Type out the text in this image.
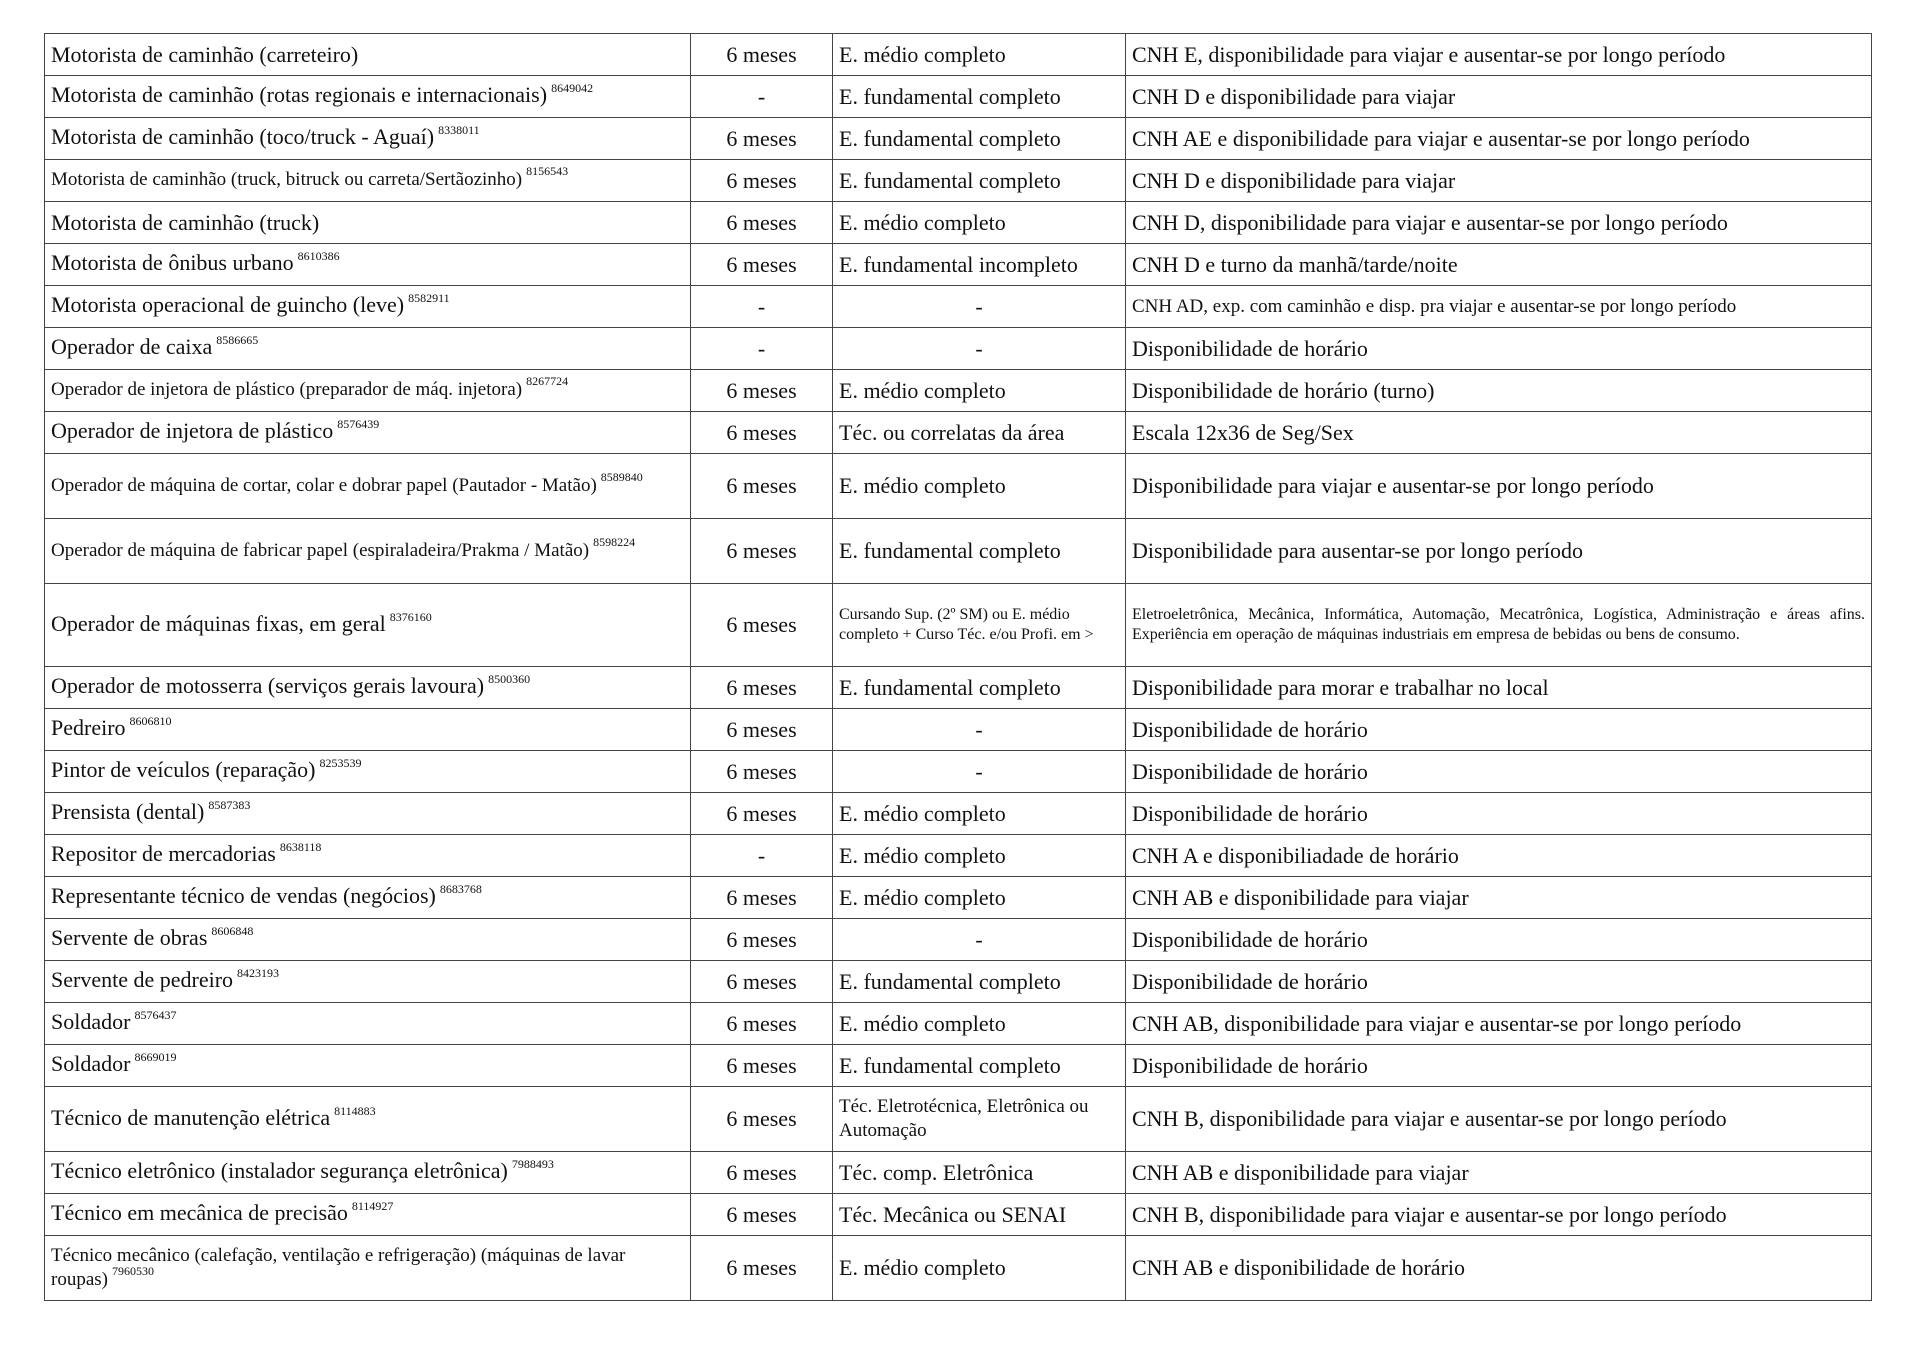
Motorista de caminhão (carreteiro)	6 meses	E. médio completo	CNH E, disponibilidade para viajar e ausentar-se por longo período
Motorista de caminhão (rotas regionais e internacionais) $^{8649042}$	-	E. fundamental completo	CNH D e disponibilidade para viajar
Motorista de caminhão (toco/truck - Aguaí) $^{8338011}$	6 meses	E. fundamental completo	CNH AE e disponibilidade para viajar e ausentar-se por longo período
Motorista de caminhão (truck, bitruck ou carreta/Sertãozinho) $^{8156543}$	6 meses	E. fundamental completo	CNH D e disponibilidade para viajar
Motorista de caminhão (truck)	6 meses	E. médio completo	CNH D, disponibilidade para viajar e ausentar-se por longo período
Motorista de ônibus urbano $^{8610386}$	6 meses	E. fundamental incompleto	CNH D e turno da manhã/tarde/noite
Motorista operacional de guincho (leve) $^{8582911}$	-	-	CNH AD, exp. com caminhão e disp. pra viajar e ausentar-se por longo período
Operador de caixa $^{8586665}$	-	-	Disponibilidade de horário
Operador de injetora de plástico (preparador de máq. injetora) $^{8267724}$	6 meses	E. médio completo	Disponibilidade de horário (turno)
Operador de injetora de plástico $^{8576439}$	6 meses	Téc. ou correlatas da área	Escala 12x36 de Seg/Sex
Operador de máquina de cortar, colar e dobrar papel (Pautador - Matão) $^{8589840}$	6 meses	E. médio completo	Disponibilidade para viajar e ausentar-se por longo período
Operador de máquina de fabricar papel (espiraladeira/Prakma / Matão) $^{8598224}$	6 meses	E. fundamental completo	Disponibilidade para ausentar-se por longo período
Operador de máquinas fixas, em geral $^{8376160}$	6 meses	Cursando Sup. (2º SM) ou E. médio completo + Curso Téc. e/ou Profi. em >	Eletroeletrônica, Mecânica, Informática, Automação, Mecatrônica, Logística, Administração e áreas afins. Experiência em operação de máquinas industriais em empresa de bebidas ou bens de consumo.
Operador de motosserra (serviços gerais lavoura) $^{8500360}$	6 meses	E. fundamental completo	Disponibilidade para morar e trabalhar no local
Pedreiro $^{8606810}$	6 meses	-	Disponibilidade de horário
Pintor de veículos (reparação) $^{8253539}$	6 meses	-	Disponibilidade de horário
Prensista (dental) $^{8587383}$	6 meses	E. médio completo	Disponibilidade de horário
Repositor de mercadorias $^{8638118}$	-	E. médio completo	CNH A e disponibiliadade de horário
Representante técnico de vendas (negócios) $^{8683768}$	6 meses	E. médio completo	CNH AB e disponibilidade para viajar
Servente de obras $^{8606848}$	6 meses	-	Disponibilidade de horário
Servente de pedreiro $^{8423193}$	6 meses	E. fundamental completo	Disponibilidade de horário
Soldador $^{8576437}$	6 meses	E. médio completo	CNH AB, disponibilidade para viajar e ausentar-se por longo período
Soldador $^{8669019}$	6 meses	E. fundamental completo	Disponibilidade de horário
Técnico de manutenção elétrica $^{8114883}$	6 meses	Téc. Eletrotécnica, Eletrônica ou Automação	CNH B, disponibilidade para viajar e ausentar-se por longo período
Técnico eletrônico (instalador segurança eletrônica) $^{7988493}$	6 meses	Téc. comp. Eletrônica	CNH AB e disponibilidade para viajar
Técnico em mecânica de precisão $^{8114927}$	6 meses	Téc. Mecânica ou SENAI	CNH B, disponibilidade para viajar e ausentar-se por longo período
Técnico mecânico (calefação, ventilação e refrigeração) (máquinas de lavar roupas) $^{7960530}$	6 meses	E. médio completo	CNH AB e disponibilidade de horário
